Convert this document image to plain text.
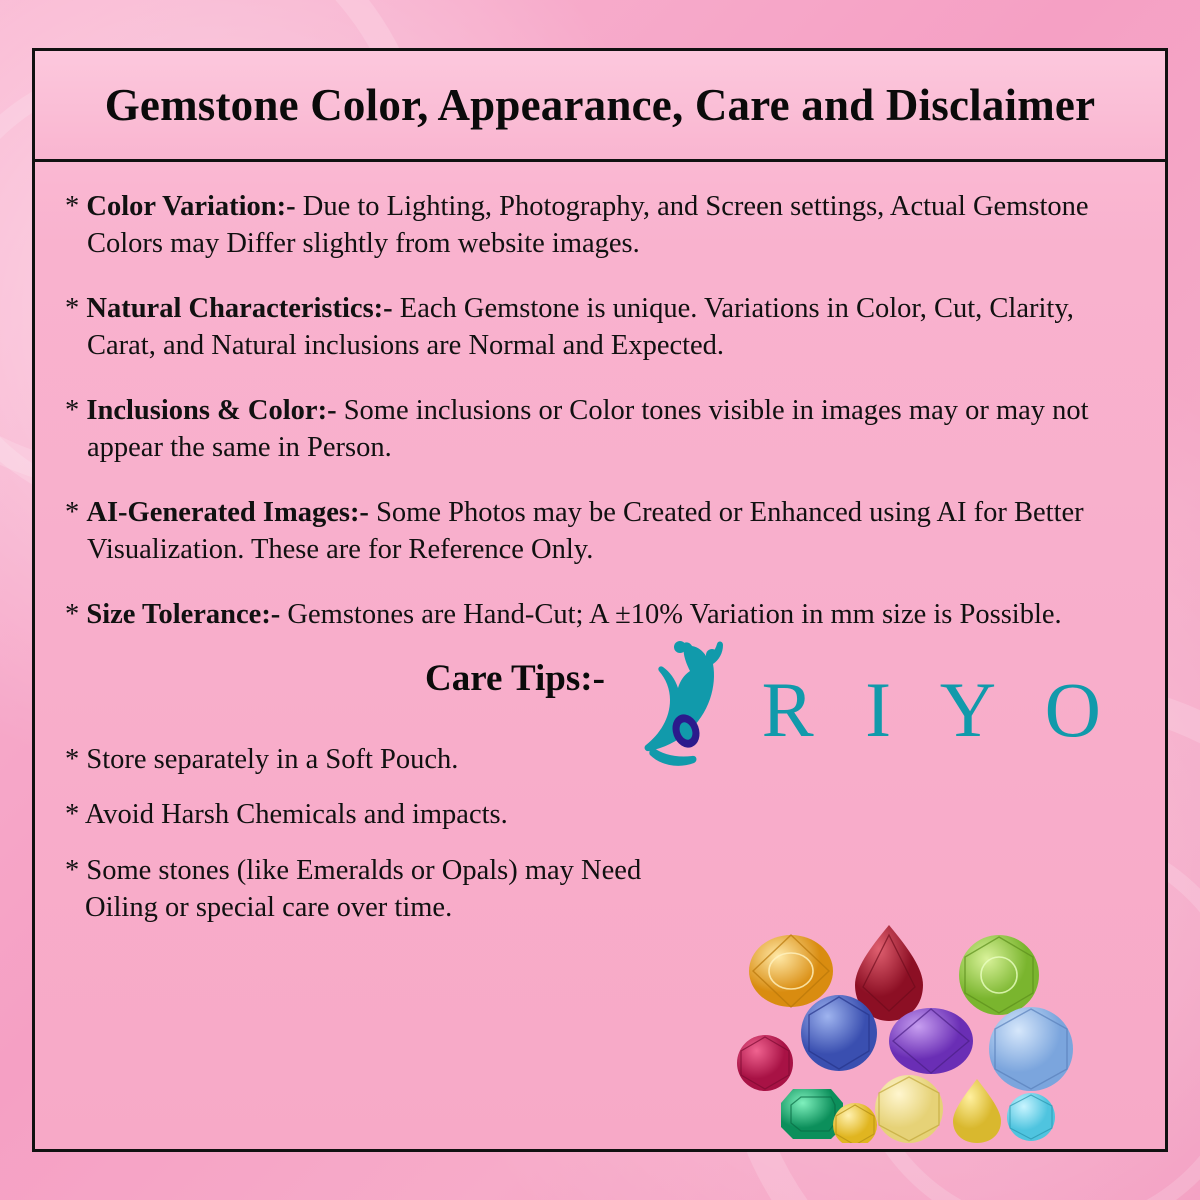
Gemstone Color, Appearance, Care and Disclaimer

* Color Variation:- Due to Lighting, Photography, and Screen settings, Actual Gemstone Colors may Differ slightly from website images.

* Natural Characteristics:- Each Gemstone is unique. Variations in Color, Cut, Clarity, Carat, and Natural inclusions are Normal and Expected.

* Inclusions & Color:- Some inclusions or Color tones visible in images may or may not appear the same in Person.

* AI-Generated Images:- Some Photos may be Created or Enhanced using AI for Better Visualization. These are for Reference Only.

* Size Tolerance:- Gemstones are Hand-Cut; A ±10% Variation in mm size is Possible.

Care Tips:- R I Y O

* Store separately in a Soft Pouch.

* Avoid Harsh Chemicals and impacts.

* Some stones (like Emeralds or Opals) may Need Oiling or special care over time.
